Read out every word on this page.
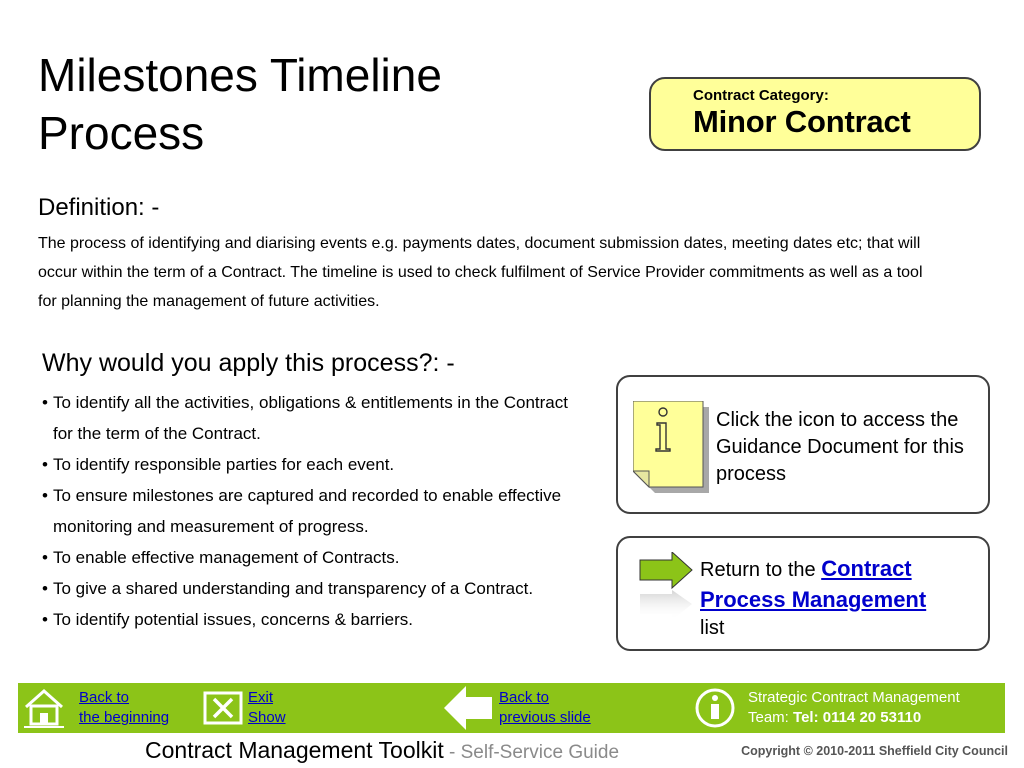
Milestones Timeline
Process
Contract Category:
Minor Contract
Definition: -

The process of identifying and diarising events e.g. payments dates, document submission dates, meeting dates etc; that will occur within the term of a Contract. The timeline is used to check fulfilment of Service Provider commitments as well as a tool for planning the management of future activities.

Why would you apply this process?: -
• To identify all the activities, obligations & entitlements in the Contract for the term of the Contract.
• To identify responsible parties for each event.
• To ensure milestones are captured and recorded to enable effective monitoring and measurement of progress.
• To enable effective management of Contracts.
• To give a shared understanding and transparency of a Contract.
• To identify potential issues, concerns & barriers.
Click the icon to access the Guidance Document for this process
Return to the Contract Process Management
list
Back to
the beginning
Exit
Show
Back to
previous slide
Strategic Contract Management
Team: Tel: 0114 20 53110
Contract Management Toolkit - Self-Service Guide	Copyright © 2010-2011 Sheffield City Council
